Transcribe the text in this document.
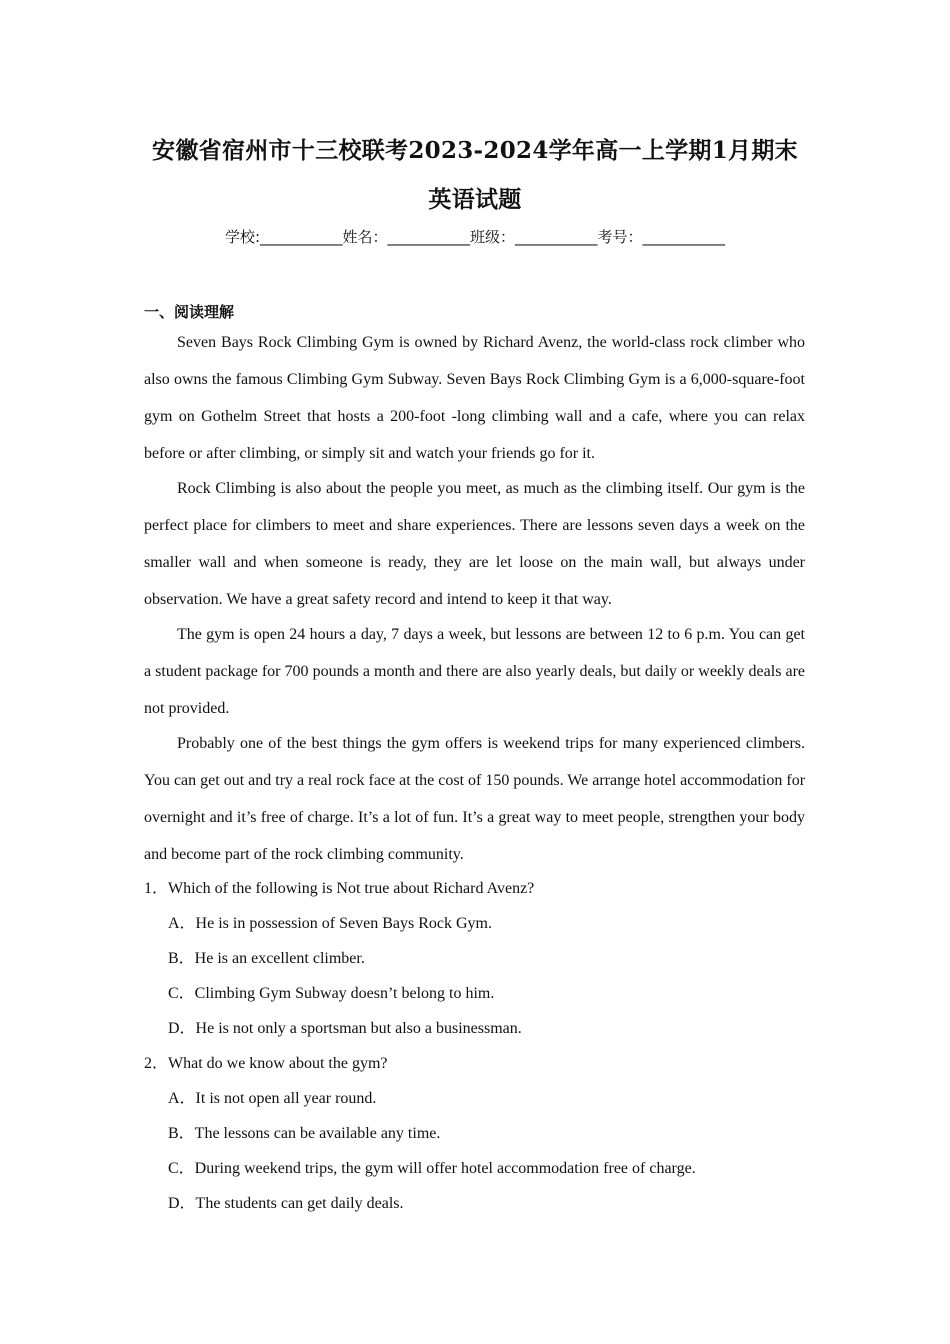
安徽省宿州市十三校联考2023-2024学年高一上学期1月期末
英语试题
学校:___________姓名：___________班级：___________考号：___________
一、阅读理解

Seven Bays Rock Climbing Gym is owned by Richard Avenz, the world-class rock climber who also owns the famous Climbing Gym Subway. Seven Bays Rock Climbing Gym is a 6,000-square-foot gym on Gothelm Street that hosts a 200-foot -long climbing wall and a cafe, where you can relax before or after climbing, or simply sit and watch your friends go for it.

Rock Climbing is also about the people you meet, as much as the climbing itself. Our gym is the perfect place for climbers to meet and share experiences. There are lessons seven days a week on the smaller wall and when someone is ready, they are let loose on the main wall, but always under observation. We have a great safety record and intend to keep it that way.

The gym is open 24 hours a day, 7 days a week, but lessons are between 12 to 6 p.m. You can get a student package for 700 pounds a month and there are also yearly deals, but daily or weekly deals are not provided.

Probably one of the best things the gym offers is weekend trips for many experienced climbers. You can get out and try a real rock face at the cost of 150 pounds. We arrange hotel accommodation for overnight and it’s free of charge. It’s a lot of fun. It’s a great way to meet people, strengthen your body and become part of the rock climbing community.

1．Which of the following is Not true about Richard Avenz?
A．He is in possession of Seven Bays Rock Gym.
B．He is an excellent climber.
C．Climbing Gym Subway doesn’t belong to him.
D．He is not only a sportsman but also a businessman.
2．What do we know about the gym?
A．It is not open all year round.
B．The lessons can be available any time.
C．During weekend trips, the gym will offer hotel accommodation free of charge.
D．The students can get daily deals.
